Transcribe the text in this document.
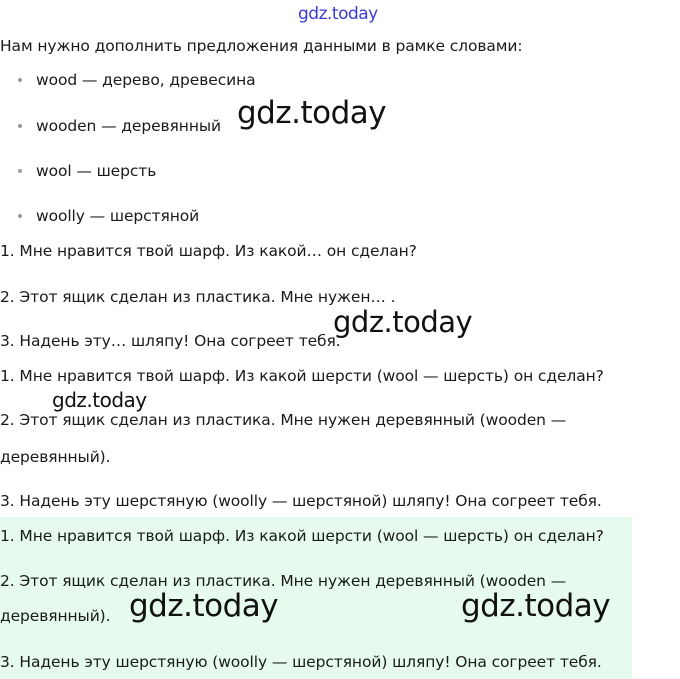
gdz.today
Нам нужно дополнить предложения данными в рамке словами:
wood — дерево, древесина
wooden — деревянный
wool — шерсть
woolly — шерстяной
gdz.today
1. Мне нравится твой шарф. Из какой… он сделан?
2. Этот ящик сделан из пластика. Мне нужен… .
3. Надень эту… шляпу! Она согреет тебя.
gdz.today
1. Мне нравится твой шарф. Из какой шерсти (wool — шерсть) он сделан?
gdz.today
2. Этот ящик сделан из пластика. Мне нужен деревянный (wooden —
деревянный).
3. Надень эту шерстяную (woolly — шерстяной) шляпу! Она согреет тебя.
1. Мне нравится твой шарф. Из какой шерсти (wool — шерсть) он сделан?
2. Этот ящик сделан из пластика. Мне нужен деревянный (wooden —
деревянный).
3. Надень эту шерстяную (woolly — шерстяной) шляпу! Она согреет тебя.
gdz.today	gdz.today
